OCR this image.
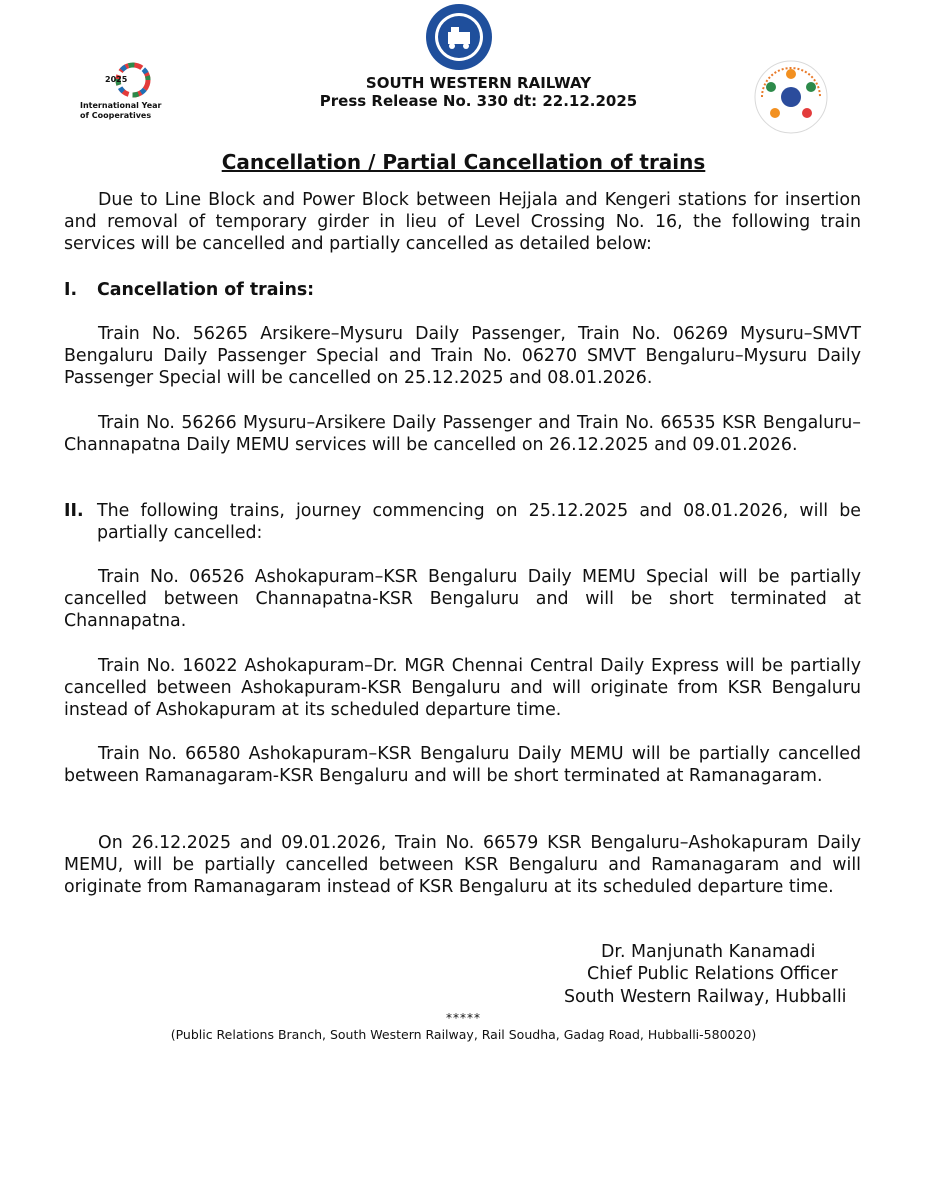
2025
International Year
of Cooperatives
SOUTH WESTERN RAILWAY
Press Release No. 330 dt: 22.12.2025
Cancellation / Partial Cancellation of trains

Due to Line Block and Power Block between Hejjala and Kengeri stations for insertion and removal of temporary girder in lieu of Level Crossing No. 16, the following train services will be cancelled and partially cancelled as detailed below:

I. Cancellation of trains:

Train No. 56265 Arsikere–Mysuru Daily Passenger, Train No. 06269 Mysuru–SMVT Bengaluru Daily Passenger Special and Train No. 06270 SMVT Bengaluru–Mysuru Daily Passenger Special will be cancelled on 25.12.2025 and 08.01.2026.

Train No. 56266 Mysuru–Arsikere Daily Passenger and Train No. 66535 KSR Bengaluru–Channapatna Daily MEMU services will be cancelled on 26.12.2025 and 09.01.2026.

II. The following trains, journey commencing on 25.12.2025 and 08.01.2026, will be partially cancelled:

Train No. 06526 Ashokapuram–KSR Bengaluru Daily MEMU Special will be partially cancelled between Channapatna-KSR Bengaluru and will be short terminated at Channapatna.

Train No. 16022 Ashokapuram–Dr. MGR Chennai Central Daily Express will be partially cancelled between Ashokapuram-KSR Bengaluru and will originate from KSR Bengaluru instead of Ashokapuram at its scheduled departure time.

Train No. 66580 Ashokapuram–KSR Bengaluru Daily MEMU will be partially cancelled between Ramanagaram-KSR Bengaluru and will be short terminated at Ramanagaram.

On 26.12.2025 and 09.01.2026, Train No. 66579 KSR Bengaluru–Ashokapuram Daily MEMU, will be partially cancelled between KSR Bengaluru and Ramanagaram and will originate from Ramanagaram instead of KSR Bengaluru at its scheduled departure time.

Dr. Manjunath Kanamadi
Chief Public Relations Officer
South Western Railway, Hubballi
*****
(Public Relations Branch, South Western Railway, Rail Soudha, Gadag Road, Hubballi-580020)
